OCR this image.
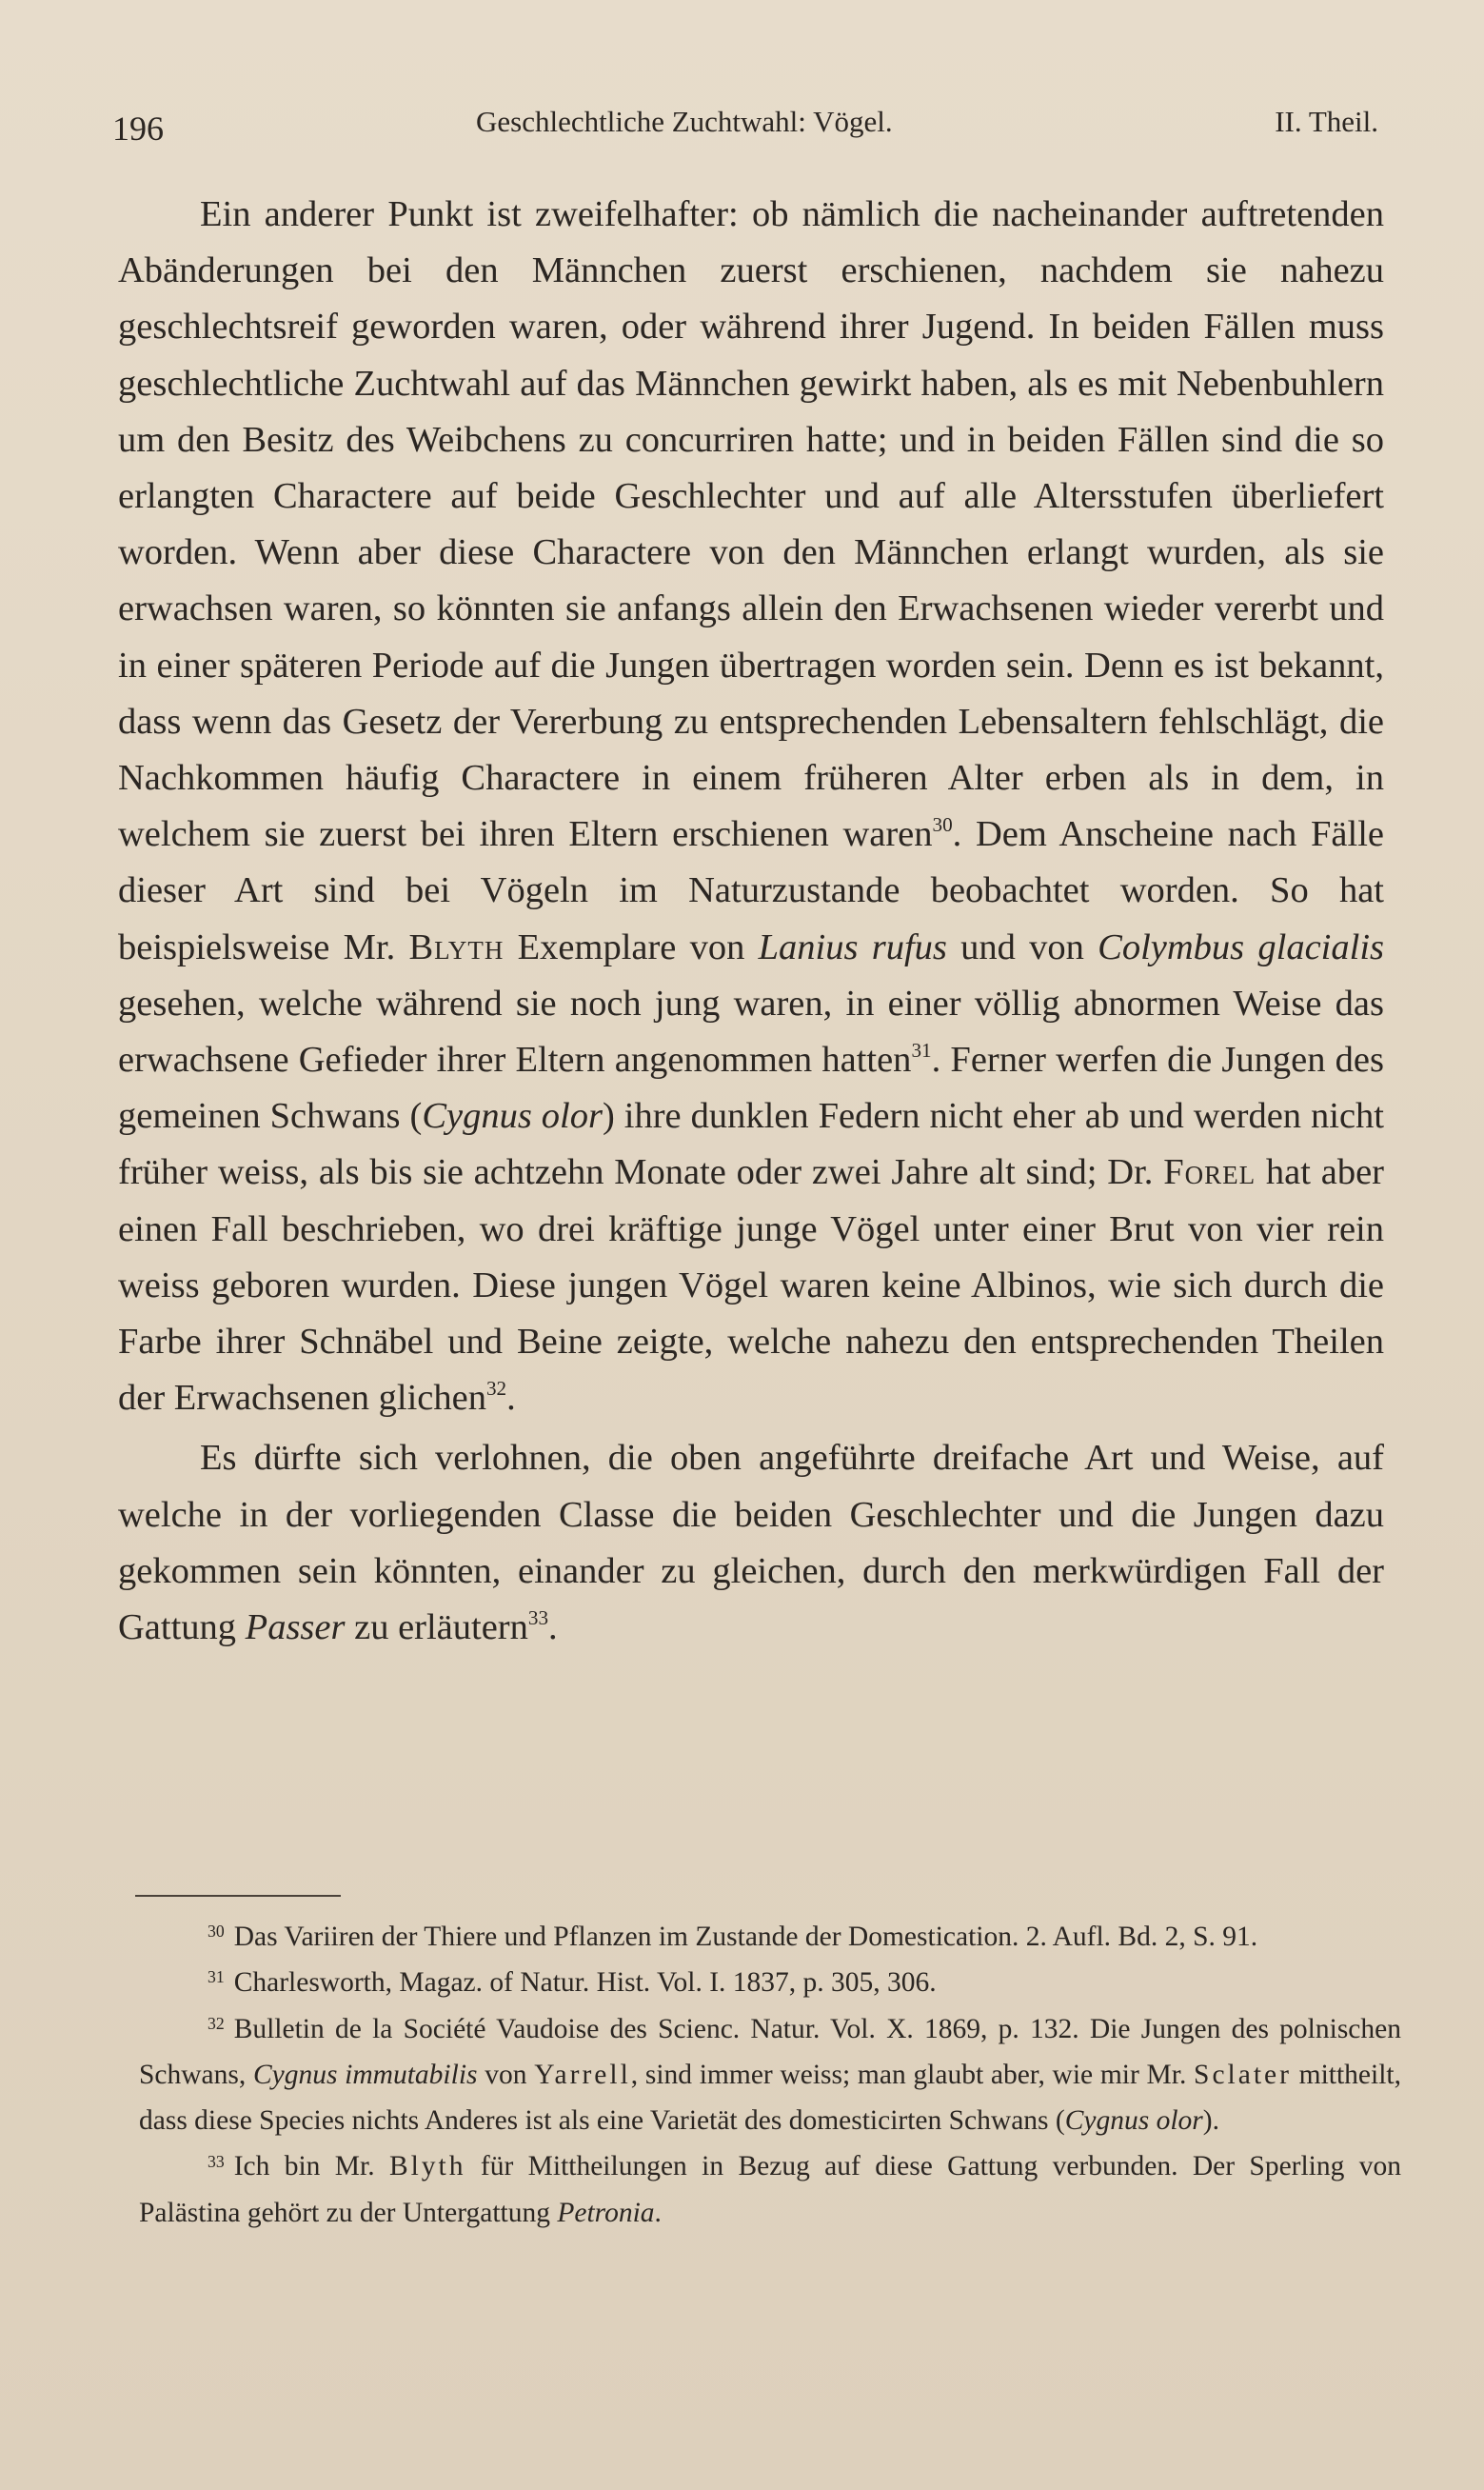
196	Geschlechtliche Zuchtwahl: Vögel.	II. Theil.

Ein anderer Punkt ist zweifelhafter: ob nämlich die nacheinander auftretenden Abänderungen bei den Männchen zuerst erschienen, nachdem sie nahezu geschlechtsreif geworden waren, oder während ihrer Jugend. In beiden Fällen muss geschlechtliche Zuchtwahl auf das Männchen gewirkt haben, als es mit Nebenbuhlern um den Besitz des Weibchens zu concurriren hatte; und in beiden Fällen sind die so erlangten Charactere auf beide Geschlechter und auf alle Altersstufen überliefert worden. Wenn aber diese Charactere von den Männchen erlangt wurden, als sie erwachsen waren, so könnten sie anfangs allein den Erwachsenen wieder vererbt und in einer späteren Periode auf die Jungen übertragen worden sein. Denn es ist bekannt, dass wenn das Gesetz der Vererbung zu entsprechenden Lebensaltern fehlschlägt, die Nachkommen häufig Charactere in einem früheren Alter erben als in dem, in welchem sie zuerst bei ihren Eltern erschienen waren$^{30}$. Dem Anscheine nach Fälle dieser Art sind bei Vögeln im Naturzustande beobachtet worden. So hat beispielsweise Mr. Blyth Exemplare von Lanius rufus und von Colymbus glacialis gesehen, welche während sie noch jung waren, in einer völlig abnormen Weise das erwachsene Gefieder ihrer Eltern angenommen hatten$^{31}$. Ferner werfen die Jungen des gemeinen Schwans (Cygnus olor) ihre dunklen Federn nicht eher ab und werden nicht früher weiss, als bis sie achtzehn Monate oder zwei Jahre alt sind; Dr. Forel hat aber einen Fall beschrieben, wo drei kräftige junge Vögel unter einer Brut von vier rein weiss geboren wurden. Diese jungen Vögel waren keine Albinos, wie sich durch die Farbe ihrer Schnäbel und Beine zeigte, welche nahezu den entsprechenden Theilen der Erwachsenen glichen$^{32}$.

Es dürfte sich verlohnen, die oben angeführte dreifache Art und Weise, auf welche in der vorliegenden Classe die beiden Geschlechter und die Jungen dazu gekommen sein könnten, einander zu gleichen, durch den merkwürdigen Fall der Gattung Passer zu erläutern$^{33}$.

$^{30}$ Das Variiren der Thiere und Pflanzen im Zustande der Domestication. 2. Aufl. Bd. 2, S. 91.

$^{31}$ Charlesworth, Magaz. of Natur. Hist. Vol. I. 1837, p. 305, 306.

$^{32}$ Bulletin de la Société Vaudoise des Scienc. Natur. Vol. X. 1869, p. 132. Die Jungen des polnischen Schwans, Cygnus immutabilis von Yarrell, sind immer weiss; man glaubt aber, wie mir Mr. Sclater mittheilt, dass diese Species nichts Anderes ist als eine Varietät des domesticirten Schwans (Cygnus olor).

$^{33}$ Ich bin Mr. Blyth für Mittheilungen in Bezug auf diese Gattung verbunden. Der Sperling von Palästina gehört zu der Untergattung Petronia.
